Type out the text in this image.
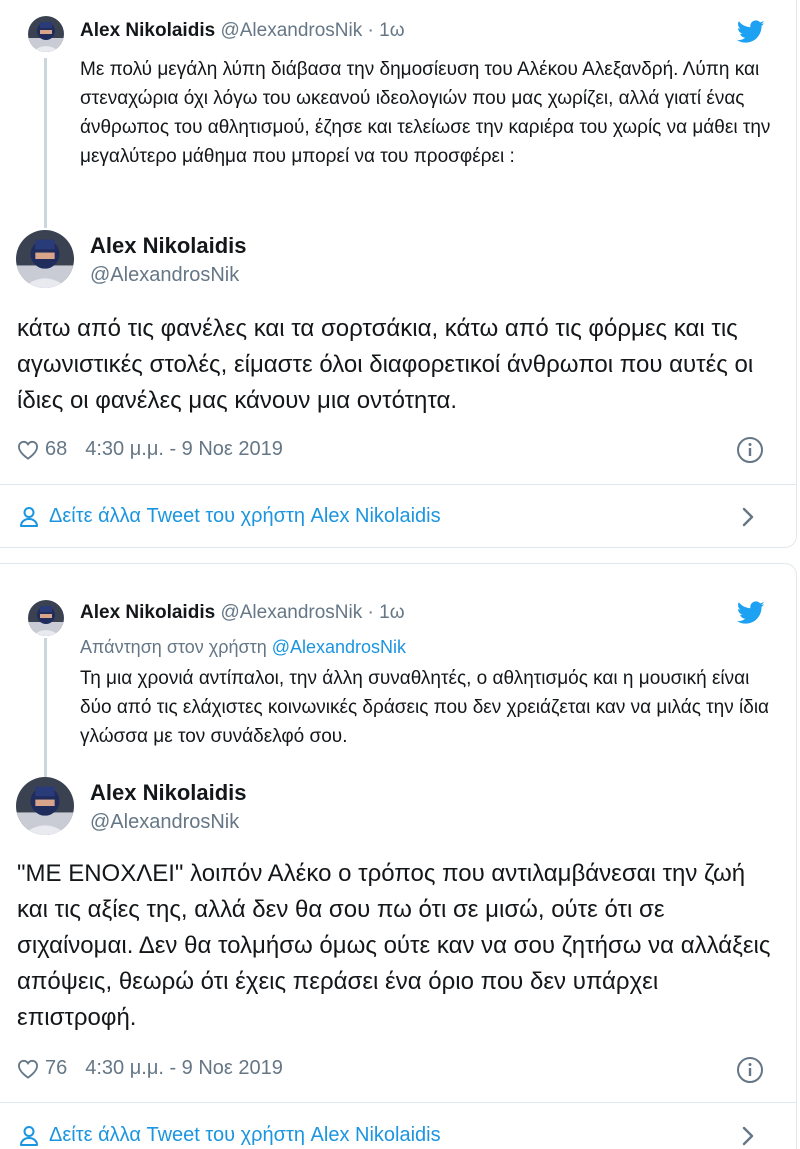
Alex Nikolaidis @AlexandrosNik · 1ω
Με πολύ μεγάλη λύπη διάβασα την δημοσίευση του Αλέκου Αλεξανδρή. Λύπη και στεναχώρια όχι λόγω του ωκεανού ιδεολογιών που μας χωρίζει, αλλά γιατί ένας άνθρωπος του αθλητισμού, έζησε και τελείωσε την καριέρα του χωρίς να μάθει την μεγαλύτερο μάθημα που μπορεί να του προσφέρει :
Alex Nikolaidis
@AlexandrosNik
κάτω από τις φανέλες και τα σορτσάκια, κάτω από τις φόρμες και τις αγωνιστικές στολές, είμαστε όλοι διαφορετικοί άνθρωποι που αυτές οι ίδιες οι φανέλες μας κάνουν μια οντότητα.
68 4:30 μ.μ. - 9 Νοε 2019
Δείτε άλλα Tweet του χρήστη Alex Nikolaidis
Alex Nikolaidis @AlexandrosNik · 1ω
Απάντηση στον χρήστη @AlexandrosNik
Τη μια χρονιά αντίπαλοι, την άλλη συναθλητές, ο αθλητισμός και η μουσική είναι δύο από τις ελάχιστες κοινωνικές δράσεις που δεν χρειάζεται καν να μιλάς την ίδια γλώσσα με τον συνάδελφό σου.
Alex Nikolaidis
@AlexandrosNik
"ΜΕ ΕΝΟΧΛΕΙ" λοιπόν Αλέκο ο τρόπος που αντιλαμβάνεσαι την ζωή και τις αξίες της, αλλά δεν θα σου πω ότι σε μισώ, ούτε ότι σε σιχαίνομαι. Δεν θα τολμήσω όμως ούτε καν να σου ζητήσω να αλλάξεις απόψεις, θεωρώ ότι έχεις περάσει ένα όριο που δεν υπάρχει επιστροφή.
76 4:30 μ.μ. - 9 Νοε 2019
Δείτε άλλα Tweet του χρήστη Alex Nikolaidis
